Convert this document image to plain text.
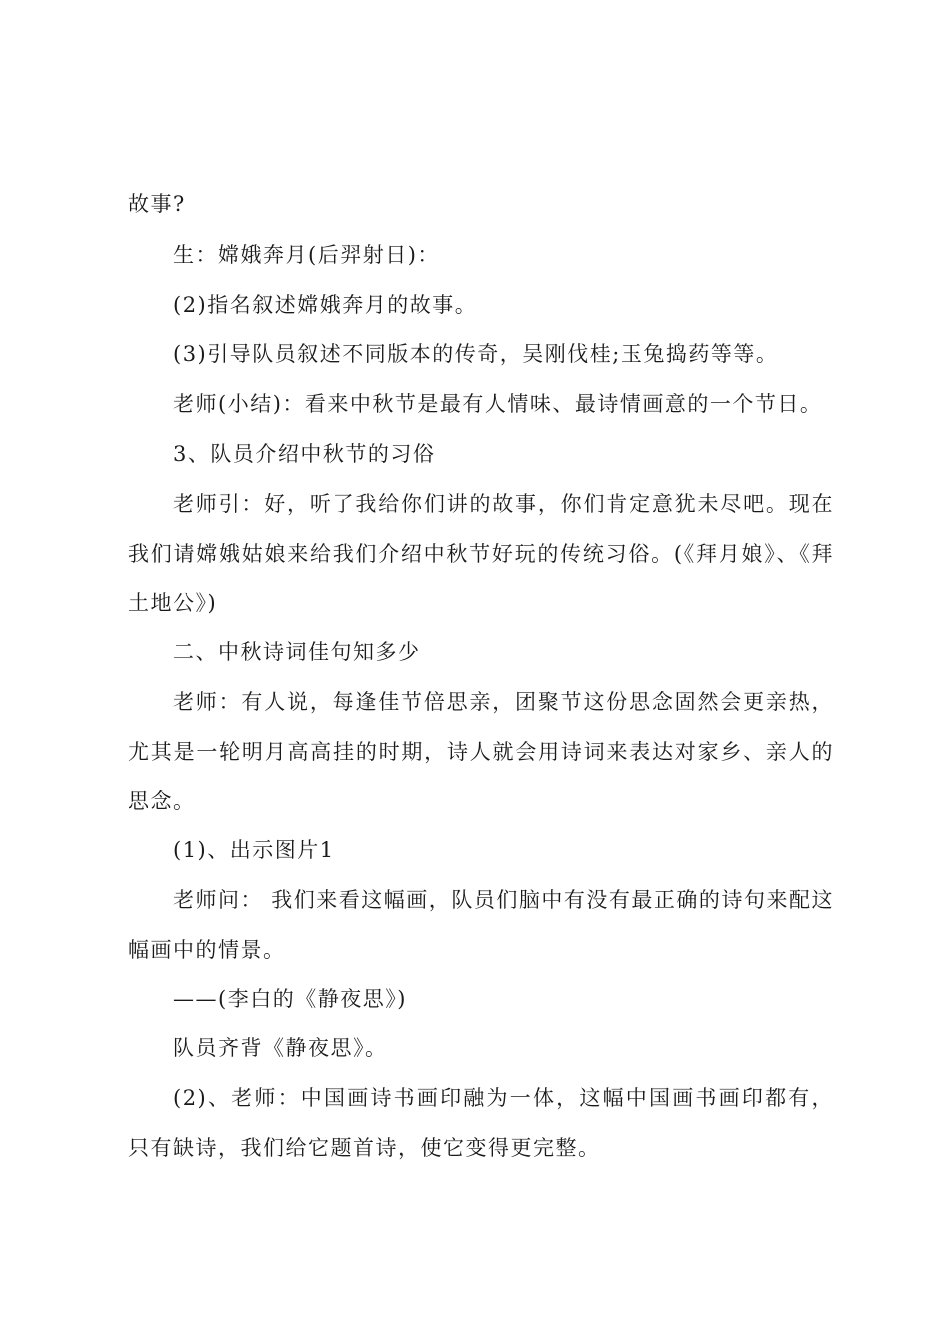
故事?

生：嫦娥奔月(后羿射日)：

(2)指名叙述嫦娥奔月的故事。

(3)引导队员叙述不同版本的传奇，吴刚伐桂;玉兔捣药等等。

老师(小结)：看来中秋节是最有人情味、最诗情画意的一个节日。

3、队员介绍中秋节的习俗

老师引：好，听了我给你们讲的故事，你们肯定意犹未尽吧。现在我们请嫦娥姑娘来给我们介绍中秋节好玩的传统习俗。(《拜月娘》、《拜土地公》)

二、中秋诗词佳句知多少

老师：有人说，每逢佳节倍思亲，团聚节这份思念固然会更亲热，尤其是一轮明月高高挂的时期，诗人就会用诗词来表达对家乡、亲人的思念。

(1)、出示图片1

老师问： 我们来看这幅画，队员们脑中有没有最正确的诗句来配这幅画中的情景。

——(李白的《静夜思》)

队员齐背《静夜思》。

(2)、老师：中国画诗书画印融为一体，这幅中国画书画印都有，只有缺诗，我们给它题首诗，使它变得更完整。
